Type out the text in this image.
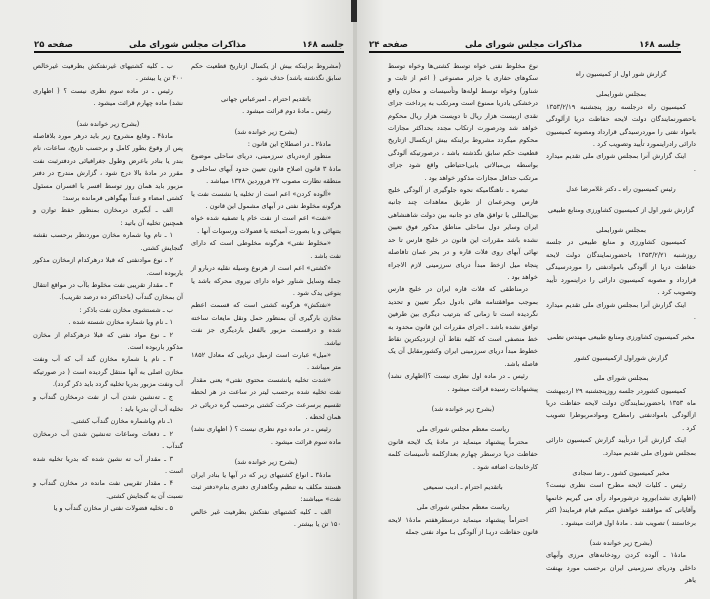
جلسه ۱۶۸
مذاکرات مجلس شورای ملی
صفحه ۲۵

(مشروط براینکه بیش از یکسال ازتاریخ قطعیت حکم سابق نگذشته باشد) حذف شود .

باتقدیم احترام ـ امیرعباس جهانی

رئیس ـ مادهٔ دوم قرائت میشود .

(بشرح زیر خوانده شد)

مادهٔ۲ ـ در اصطلاح این قانون :

منظور ازه‌دریای سرزمینی، دریای ساحلی موضوع مادهٔ ۳ قانون اصلاح قانون تعیین حدود آبهای ساحلی و منطقه نظارت مصوب ۲۲ فروردین ۱۳۳۸ میباشد .

«آلوده کردن» اعم است از تخلیه یا نشست نفت یا هرگونه مخلوط نفتی در آبهای مشمول این قانون .

«نفت» اعم است از نفت خام یا تصفیه شده خواه بتنهائی و یا بصورت آمیخته یا فضولات ورسوبات آنها .

«مخلوط نفتی» هرگونه مخلوطی است که دارای نفت باشد .

«کشتی» اعم است از هرنوع وسیله نقلیه دربارو از جمله وسایل شناور خواه دارای نیروی محرکه باشد یا بنوعی یدک شود .

«نفتکش» هرگونه کشتی است که قسمت اعظم مخازن بارگیری آن بمنظور حمل ونقل مایعات ساخته شده و درقسمت مزبور بالفعل باردیگری جز نفت نباشد.

«میل» عبارت است ازمیل دریایی که معادل ۱۸۵۲ متر میباشد .

«شدت تخلیه یانشست محتوی نفتی» یعنی مقدار نفت تخلیه شده برحسب لیتر در ساعت در هر لحظه تقسیم برسرعت حرکت کشتی برحسب گره دریائی در همان لحظه .

رئیس ـ در ماده دوم نظری نیست ؟ ( اظهاری نشد) ماده سوم قرائت میشود .

(بشرح زیر خوانده شد)

مادهٔ۳ ـ انواع کشتیهای زیر که در آبها یا بنادر ایران هستند مکلف به تنظیم ونگاهداری دفتری بنام«دفتر ثبت نفت» میباشند:

الف ـ کلیه کشتیهای نفتکش بظرفیت غیر خالص ۱۵۰ تن یا بیشتر .

ب ـ کلیه کشتیهای غیرنفتکش بظرفیت غیرخالص ۴۰۰ تن یا بیشتر .

رئیس ـ در ماده سوم نظری نیست ؟ ( اظهاری نشد) ماده چهارم قرائت میشود .

(بشرح زیر خوانده شد)

مادهٔ۴ ـ وقایع مشروح زیر باید درهر مورد بلافاصله پس از وقوع بطور کامل و برحسب تاریخ، ساعات، نام بندر یا بنادر باعرض وطول جغرافیائی دردفترثبت نفت مقرر در مادهٔ بالا درج شود ، گزارش مندرج در دفتر مزبور باید همان روز توسط افسر یا افسران مسئول کشتی امضاء و عنداً بهگواهی فرمانده برسد:

الف ـ آبگیری درمخازن بمنظور حفظ توازن و همچنین تخلیه آن باتید :

۱ ـ نام ویا شماره مخازن موردنظر برحسب نقشه گنجایش کشتی.

۲ ـ نوع موادنفتی که قبلا درهرکدام ازمخازن مذکور باربوده است.

۳ ـ مقدار تقریبی نفت مخلوط باآب در مواقع انتقال آن بمخازن گندآب (باحداکثر ده درصد تقریب).

ب ـ شستشوی مخازن نفت باذکر :

۱ ـ نام ویا شماره مخازن شسته شده .

۲ ـ نوع مواد نفتی که قبلا درهرکدام از مخازن مذکور باربوده است.

۳ ـ نام یا شماره مخازن گند آب که آب ونفت مخازن اصلی به آنها منتقل گردیده است ( در صورتیکه آب ونفت مزبور بدریا تخلیه گردد باید ذکر گردد).

ج ـ ته‌نشین شدن آب از نفت درمخازن گندآب و تخلیه آب آن بدریا باید :

۱ـ نام ویاشماره مخازن گندآب کشتی.

۲ ـ دفعات وساعات ته‌نشین شدن آب درمخازن گندآب .

۳ ـ مقدار آب ته نشین شده که بدریا تخلیه شده است .

۴ ـ مقدار تقریبی نفت مانده در مخازن گندآب و نسبت آن به گنجایش کشتی.

۵ ـ تخلیه فضولات نفتی از مخازن گندآب و یا

جلسه ۱۶۸
مذاکرات مجلس شورای ملی
صفحه ۲۴

گزارش شور اول از کمیسیون راه

بمجلس شورایملی

کمیسیون راه درجلسه روز پنجشنبه ۱۳۵۳/۲/۱۹ باحضورنمایندگان دولت لایحه حفاظت دریا ازآلودگی بامواد نفتی را موردرسیدگی قرارداد ومصوبه کمیسیون دارائی رادراینمورد تأیید وتصویب کرد .

اینک گزارش آنرا بمجلس شورای ملی تقدیم میدارد .

رئیس کمیسیون راه ـ دکتر غلامرضا عدل

گزارش شور اول از کمیسیون کشاورزی ومنابع طبیعی

بمجلس شورایملی

کمیسیون کشاورزی و منابع طبیعی در جلسه روزشنبه ۱۳۵۳/۲/۲۱ باحضورنمایندگان دولت لایحه حفاظت دریا از آلودگی باموادنفتی را موردرسیدگی قرارداد و مصوبه کمیسیون دارائی را دراینمورد تأیید وتصویب کرد .

اینک گزارش آنرا بمجلس شورای ملی تقدیم میدارد .

مخبر کمیسیون کشاورزی ومنابع طبیعی مهندس نظمی

گزارش شوراول ازکمیسیون کشور

بمجلس شورای ملی

کمیسیون کشوردر جلسه روزپنجشنبه ۲۹ اردیبهشت ماه ۱۳۵۳ باحضورنمایندگان دولت لایحه حفاظت دریا ازآلودگی باموادنفتی رامطرح وموادمربوطرا تصویب کرد .

اینک گزارش آنرا درتأیید گزارش کمیسیون دارائی بمجلس شورای ملی تقدیم میدارد.

مخبر کمیسیون کشور ـ رضا سجادی

رئیس ـ کلیات لایحه مطرح است نظری نیست؟ (اظهاری نشد)بورود درشورمواد رأی می گیریم خانمها وآقایانی که موافقند خواهش میکنم قیام فرمایند( اکثر برخاستند ) تصویب شد . مادهٔ اول قرائت میشود .

(بشرح زیر خوانده شد)

مادهٔ۱ ـ آلوده کردن رودخانه‌های مرزی وآبهای داخلی ودریای سرزمینی ایران برحسب مورد بهنفت یاهر

نوع مخلوط نفتی خواه توسط کشتی‌ها وخواه توسط سکوهای حفاری یا جزایر مصنوعی ( اعم از ثابت و شناور) وخواه توسط لوله‌ها وتأسیسات و مخازن واقع درخشکی یادریا ممنوع است ومرتکب به پرداخت جزای نقدی ازبیست هزار ریال تا دویست هزار ریال محکوم خواهد شد ودرصورت ارتکاب مجدد بحداکثر مجازات محکوم میگردد مشروط براینکه بیش ازیکسال ازتاریخ قطعیت حکم سابق نگذشته باشد ، درصورتیکه آلودگی بواسطه بی‌مبالاتی یابی‌احتیاطی واقع شود جزای مرتکب حداقل مجازات مذکور خواهد بود .

تبصره ـ تاهنگامیکه نحوه جلوگیری از آلودگی خلیج فارس وبحرعمان از طریق معاهدات چند جانبه بین‌المللی یا توافق های دو جانبه بین دولت شاهنشاهی ایران وسایر دول ساحلی مناطق مذکور فوق تعیین نشده باشد مقررات این قانون در خلیج فارس تا حد نهائی آبهای روی فلات قاره و در بحر عمان تافاصله پنجاه میل ازخط مبدأ دریای سرزمینی لازم الاجراء خواهد بود .

درمناطقی که فلات قاره ایران در خلیج فارس بموجب موافقتنامه هائی بادول دیگر تعیین و تحدید نگردیده است تا زمانی که بترتیب دیگری بین طرفین توافق نشده باشد ـ اجرای مقررات این قانون محدود به خط منصفی است که کلیه نقاط آن ازنزدیکترین نقاط خطوط مبدأ دریای سرزمینی ایران وکشورمقابل آن یک فاصله باشد.

رئیس ـ در ماده اول نظری نیست ؟(اظهاری نشد) پیشنهادات رسیده قرائت میشود .

(بشرح زیر خوانده شد)

ریاست معظم مجلس شورای ملی

محترماً پیشنهاد مینماید در مادهٔ یک لایحه قانون حفاظت دریا درسطر چهارم بعدازکلمه تأسیسات کلمه کارخانجات اضافه شود .

باتقدیم احترام ـ ادیب سمیعی

ریاست معظم مجلس شورای ملی

احتراماً پیشنهاد مینماید درسطرهفتم مادهٔ۱ لایحه قانون حفاظت دریـا از آلودگی بـا مواد نفتی جمله
